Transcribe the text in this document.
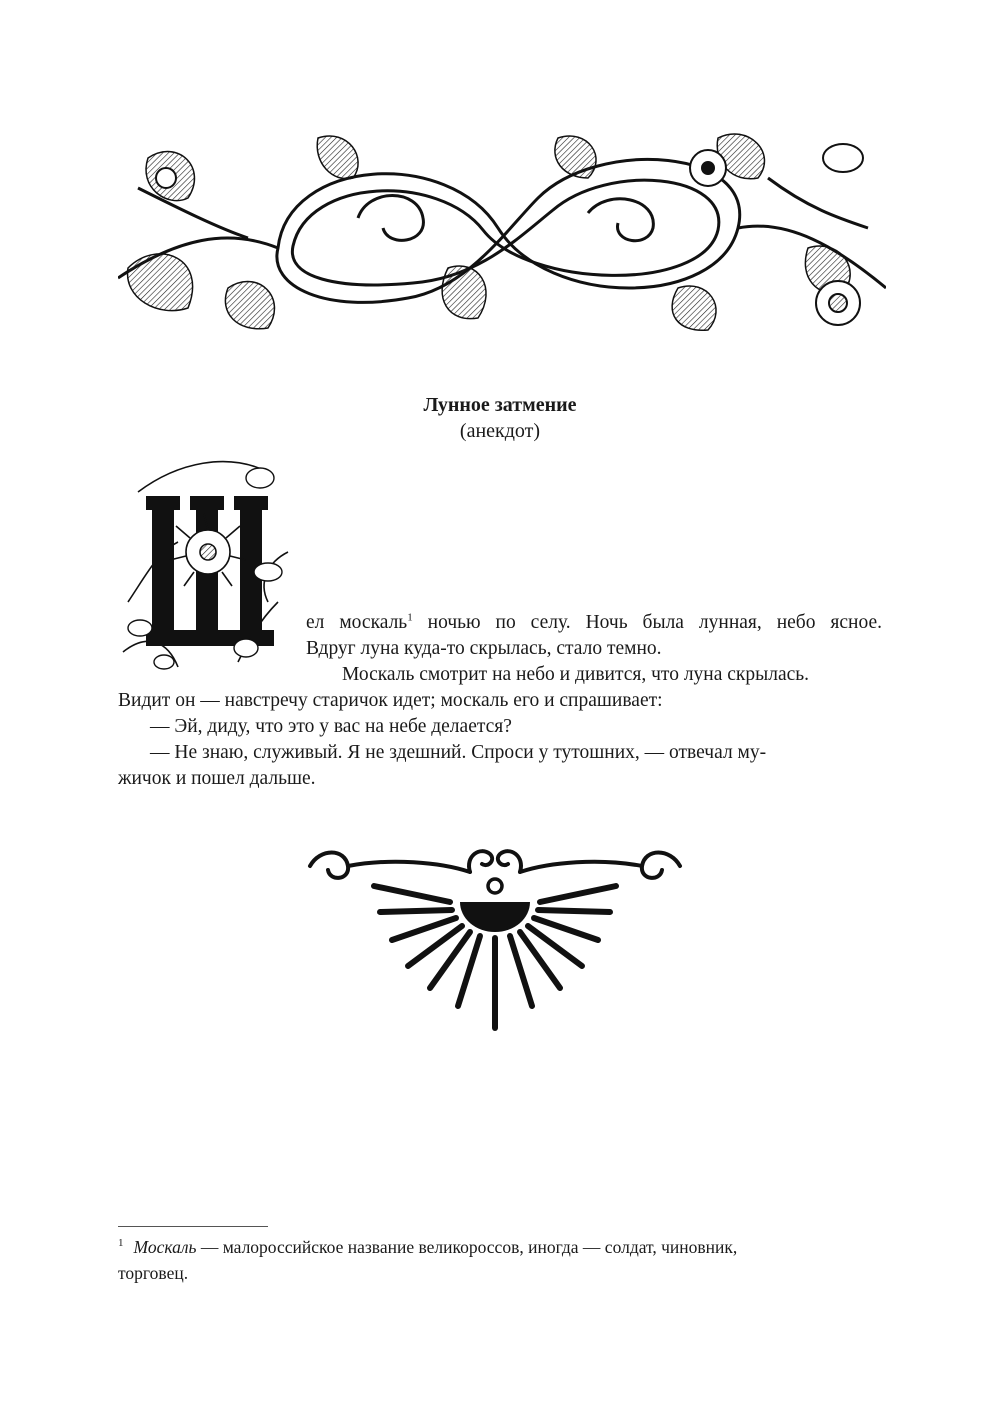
Лунное затмение
(анекдот)
Ш
ел москаль$^1$ ночью по селу. Ночь была лунная, небо ясное.
Вдруг луна куда-то скрылась, стало темно.
Москаль смотрит на небо и дивится, что луна скрылась.
Видит он — навстречу старичок идет; москаль его и спрашивает:
— Эй, диду, что это у вас на небе делается?
— Не знаю, служивый. Я не здешний. Спроси у тутошних, — отвечал му-
жичок и пошел дальше.
$^1$ Москаль — малороссийское название великороссов, иногда — солдат, чиновник,
торговец.
